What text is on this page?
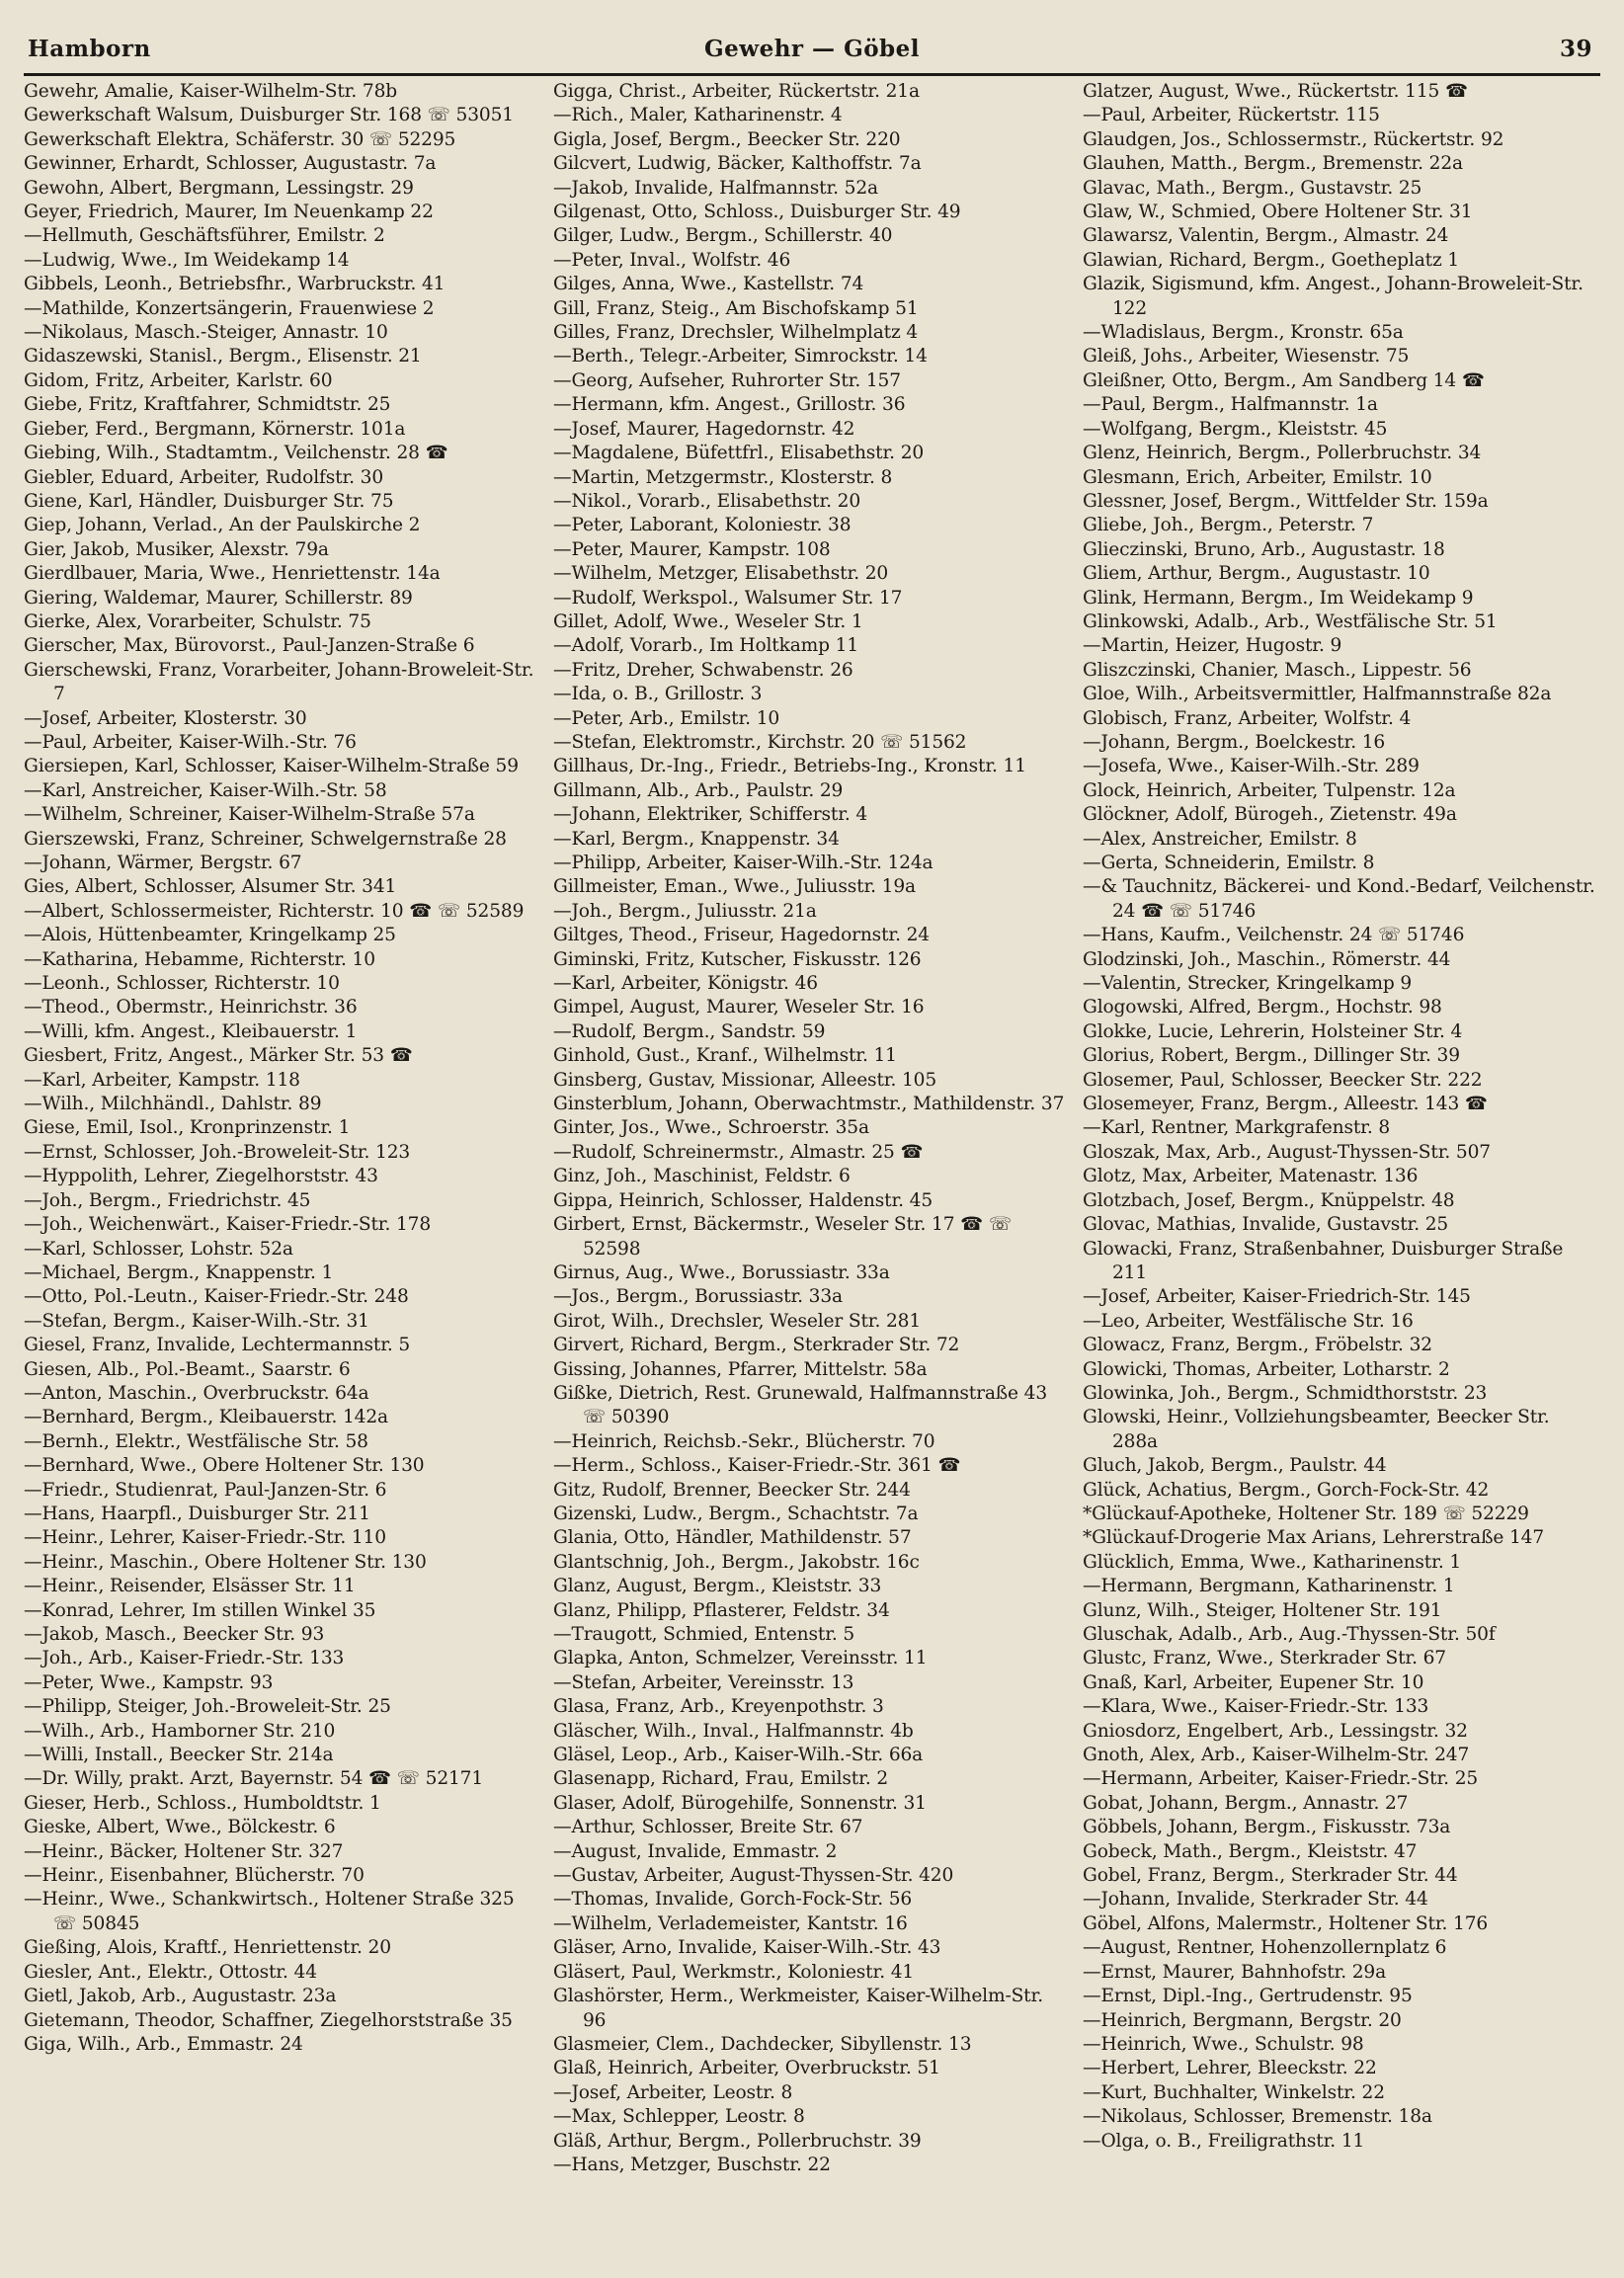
Hamborn	Gewehr — Göbel	39
Gewehr, Amalie, Kaiser-Wilhelm-Str. 78b
Gewerkschaft Walsum, Duisburger Str. 168 ☏ 53051
Gewerkschaft Elektra, Schäferstr. 30 ☏ 52295
Gewinner, Erhardt, Schlosser, Augustastr. 7a
Gewohn, Albert, Bergmann, Lessingstr. 29
Geyer, Friedrich, Maurer, Im Neuenkamp 22
—Hellmuth, Geschäftsführer, Emilstr. 2
—Ludwig, Wwe., Im Weidekamp 14
Gibbels, Leonh., Betriebsfhr., Warbruckstr. 41
—Mathilde, Konzertsängerin, Frauenwiese 2
—Nikolaus, Masch.-Steiger, Annastr. 10
Gidaszewski, Stanisl., Bergm., Elisenstr. 21
Gidom, Fritz, Arbeiter, Karlstr. 60
Giebe, Fritz, Kraftfahrer, Schmidtstr. 25
Gieber, Ferd., Bergmann, Körnerstr. 101a
Giebing, Wilh., Stadtamtm., Veilchenstr. 28 ☎
Giebler, Eduard, Arbeiter, Rudolfstr. 30
Giene, Karl, Händler, Duisburger Str. 75
Giep, Johann, Verlad., An der Paulskirche 2
Gier, Jakob, Musiker, Alexstr. 79a
Gierdlbauer, Maria, Wwe., Henriettenstr. 14a
Giering, Waldemar, Maurer, Schillerstr. 89
Gierke, Alex, Vorarbeiter, Schulstr. 75
Gierscher, Max, Bürovorst., Paul-Janzen-Straße 6
Gierschewski, Franz, Vorarbeiter, Johann-Broweleit-Str. 7
—Josef, Arbeiter, Klosterstr. 30
—Paul, Arbeiter, Kaiser-Wilh.-Str. 76
Giersiepen, Karl, Schlosser, Kaiser-Wilhelm-Straße 59
—Karl, Anstreicher, Kaiser-Wilh.-Str. 58
—Wilhelm, Schreiner, Kaiser-Wilhelm-Straße 57a
Gierszewski, Franz, Schreiner, Schwelgernstraße 28
—Johann, Wärmer, Bergstr. 67
Gies, Albert, Schlosser, Alsumer Str. 341
—Albert, Schlossermeister, Richterstr. 10 ☎ ☏ 52589
—Alois, Hüttenbeamter, Kringelkamp 25
—Katharina, Hebamme, Richterstr. 10
—Leonh., Schlosser, Richterstr. 10
—Theod., Obermstr., Heinrichstr. 36
—Willi, kfm. Angest., Kleibauerstr. 1
Giesbert, Fritz, Angest., Märker Str. 53 ☎
—Karl, Arbeiter, Kampstr. 118
—Wilh., Milchhändl., Dahlstr. 89
Giese, Emil, Isol., Kronprinzenstr. 1
—Ernst, Schlosser, Joh.-Broweleit-Str. 123
—Hyppolith, Lehrer, Ziegelhorststr. 43
—Joh., Bergm., Friedrichstr. 45
—Joh., Weichenwärt., Kaiser-Friedr.-Str. 178
—Karl, Schlosser, Lohstr. 52a
—Michael, Bergm., Knappenstr. 1
—Otto, Pol.-Leutn., Kaiser-Friedr.-Str. 248
—Stefan, Bergm., Kaiser-Wilh.-Str. 31
Giesel, Franz, Invalide, Lechtermannstr. 5
Giesen, Alb., Pol.-Beamt., Saarstr. 6
—Anton, Maschin., Overbruckstr. 64a
—Bernhard, Bergm., Kleibauerstr. 142a
—Bernh., Elektr., Westfälische Str. 58
—Bernhard, Wwe., Obere Holtener Str. 130
—Friedr., Studienrat, Paul-Janzen-Str. 6
—Hans, Haarpfl., Duisburger Str. 211
—Heinr., Lehrer, Kaiser-Friedr.-Str. 110
—Heinr., Maschin., Obere Holtener Str. 130
—Heinr., Reisender, Elsässer Str. 11
—Konrad, Lehrer, Im stillen Winkel 35
—Jakob, Masch., Beecker Str. 93
—Joh., Arb., Kaiser-Friedr.-Str. 133
—Peter, Wwe., Kampstr. 93
—Philipp, Steiger, Joh.-Broweleit-Str. 25
—Wilh., Arb., Hamborner Str. 210
—Willi, Install., Beecker Str. 214a
—Dr. Willy, prakt. Arzt, Bayernstr. 54 ☎ ☏ 52171
Gieser, Herb., Schloss., Humboldtstr. 1
Gieske, Albert, Wwe., Bölckestr. 6
—Heinr., Bäcker, Holtener Str. 327
—Heinr., Eisenbahner, Blücherstr. 70
—Heinr., Wwe., Schankwirtsch., Holtener Straße 325 ☏ 50845
Gießing, Alois, Kraftf., Henriettenstr. 20
Giesler, Ant., Elektr., Ottostr. 44
Gietl, Jakob, Arb., Augustastr. 23a
Gietemann, Theodor, Schaffner, Ziegelhorststraße 35
Giga, Wilh., Arb., Emmastr. 24
Gigga, Christ., Arbeiter, Rückertstr. 21a
—Rich., Maler, Katharinenstr. 4
Gigla, Josef, Bergm., Beecker Str. 220
Gilcvert, Ludwig, Bäcker, Kalthoffstr. 7a
—Jakob, Invalide, Halfmannstr. 52a
Gilgenast, Otto, Schloss., Duisburger Str. 49
Gilger, Ludw., Bergm., Schillerstr. 40
—Peter, Inval., Wolfstr. 46
Gilges, Anna, Wwe., Kastellstr. 74
Gill, Franz, Steig., Am Bischofskamp 51
Gilles, Franz, Drechsler, Wilhelmplatz 4
—Berth., Telegr.-Arbeiter, Simrockstr. 14
—Georg, Aufseher, Ruhrorter Str. 157
—Hermann, kfm. Angest., Grillostr. 36
—Josef, Maurer, Hagedornstr. 42
—Magdalene, Büfettfrl., Elisabethstr. 20
—Martin, Metzgermstr., Klosterstr. 8
—Nikol., Vorarb., Elisabethstr. 20
—Peter, Laborant, Koloniestr. 38
—Peter, Maurer, Kampstr. 108
—Wilhelm, Metzger, Elisabethstr. 20
—Rudolf, Werkspol., Walsumer Str. 17
Gillet, Adolf, Wwe., Weseler Str. 1
—Adolf, Vorarb., Im Holtkamp 11
—Fritz, Dreher, Schwabenstr. 26
—Ida, o. B., Grillostr. 3
—Peter, Arb., Emilstr. 10
—Stefan, Elektromstr., Kirchstr. 20 ☏ 51562
Gillhaus, Dr.-Ing., Friedr., Betriebs-Ing., Kronstr. 11
Gillmann, Alb., Arb., Paulstr. 29
—Johann, Elektriker, Schifferstr. 4
—Karl, Bergm., Knappenstr. 34
—Philipp, Arbeiter, Kaiser-Wilh.-Str. 124a
Gillmeister, Eman., Wwe., Juliusstr. 19a
—Joh., Bergm., Juliusstr. 21a
Giltges, Theod., Friseur, Hagedornstr. 24
Giminski, Fritz, Kutscher, Fiskusstr. 126
—Karl, Arbeiter, Königstr. 46
Gimpel, August, Maurer, Weseler Str. 16
—Rudolf, Bergm., Sandstr. 59
Ginhold, Gust., Kranf., Wilhelmstr. 11
Ginsberg, Gustav, Missionar, Alleestr. 105
Ginsterblum, Johann, Oberwachtmstr., Mathildenstr. 37
Ginter, Jos., Wwe., Schroerstr. 35a
—Rudolf, Schreinermstr., Almastr. 25 ☎
Ginz, Joh., Maschinist, Feldstr. 6
Gippa, Heinrich, Schlosser, Haldenstr. 45
Girbert, Ernst, Bäckermstr., Weseler Str. 17 ☎ ☏ 52598
Girnus, Aug., Wwe., Borussiastr. 33a
—Jos., Bergm., Borussiastr. 33a
Girot, Wilh., Drechsler, Weseler Str. 281
Girvert, Richard, Bergm., Sterkrader Str. 72
Gissing, Johannes, Pfarrer, Mittelstr. 58a
Gißke, Dietrich, Rest. Grunewald, Halfmannstraße 43 ☏ 50390
—Heinrich, Reichsb.-Sekr., Blücherstr. 70
—Herm., Schloss., Kaiser-Friedr.-Str. 361 ☎
Gitz, Rudolf, Brenner, Beecker Str. 244
Gizenski, Ludw., Bergm., Schachtstr. 7a
Glania, Otto, Händler, Mathildenstr. 57
Glantschnig, Joh., Bergm., Jakobstr. 16c
Glanz, August, Bergm., Kleiststr. 33
Glanz, Philipp, Pflasterer, Feldstr. 34
—Traugott, Schmied, Entenstr. 5
Glapka, Anton, Schmelzer, Vereinsstr. 11
—Stefan, Arbeiter, Vereinsstr. 13
Glasa, Franz, Arb., Kreyenpothstr. 3
Gläscher, Wilh., Inval., Halfmannstr. 4b
Gläsel, Leop., Arb., Kaiser-Wilh.-Str. 66a
Glasenapp, Richard, Frau, Emilstr. 2
Glaser, Adolf, Bürogehilfe, Sonnenstr. 31
—Arthur, Schlosser, Breite Str. 67
—August, Invalide, Emmastr. 2
—Gustav, Arbeiter, August-Thyssen-Str. 420
—Thomas, Invalide, Gorch-Fock-Str. 56
—Wilhelm, Verlademeister, Kantstr. 16
Gläser, Arno, Invalide, Kaiser-Wilh.-Str. 43
Gläsert, Paul, Werkmstr., Koloniestr. 41
Glashörster, Herm., Werkmeister, Kaiser-Wilhelm-Str. 96
Glasmeier, Clem., Dachdecker, Sibyllenstr. 13
Glaß, Heinrich, Arbeiter, Overbruckstr. 51
—Josef, Arbeiter, Leostr. 8
—Max, Schlepper, Leostr. 8
Gläß, Arthur, Bergm., Pollerbruchstr. 39
—Hans, Metzger, Buschstr. 22
Glatzer, August, Wwe., Rückertstr. 115 ☎
—Paul, Arbeiter, Rückertstr. 115
Glaudgen, Jos., Schlossermstr., Rückertstr. 92
Glauhen, Matth., Bergm., Bremenstr. 22a
Glavac, Math., Bergm., Gustavstr. 25
Glaw, W., Schmied, Obere Holtener Str. 31
Glawarsz, Valentin, Bergm., Almastr. 24
Glawian, Richard, Bergm., Goetheplatz 1
Glazik, Sigismund, kfm. Angest., Johann-Broweleit-Str. 122
—Wladislaus, Bergm., Kronstr. 65a
Gleiß, Johs., Arbeiter, Wiesenstr. 75
Gleißner, Otto, Bergm., Am Sandberg 14 ☎
—Paul, Bergm., Halfmannstr. 1a
—Wolfgang, Bergm., Kleiststr. 45
Glenz, Heinrich, Bergm., Pollerbruchstr. 34
Glesmann, Erich, Arbeiter, Emilstr. 10
Glessner, Josef, Bergm., Wittfelder Str. 159a
Gliebe, Joh., Bergm., Peterstr. 7
Glieczinski, Bruno, Arb., Augustastr. 18
Gliem, Arthur, Bergm., Augustastr. 10
Glink, Hermann, Bergm., Im Weidekamp 9
Glinkowski, Adalb., Arb., Westfälische Str. 51
—Martin, Heizer, Hugostr. 9
Gliszczinski, Chanier, Masch., Lippestr. 56
Gloe, Wilh., Arbeitsvermittler, Halfmannstraße 82a
Globisch, Franz, Arbeiter, Wolfstr. 4
—Johann, Bergm., Boelckestr. 16
—Josefa, Wwe., Kaiser-Wilh.-Str. 289
Glock, Heinrich, Arbeiter, Tulpenstr. 12a
Glöckner, Adolf, Bürogeh., Zietenstr. 49a
—Alex, Anstreicher, Emilstr. 8
—Gerta, Schneiderin, Emilstr. 8
—& Tauchnitz, Bäckerei- und Kond.-Bedarf, Veilchenstr. 24 ☎ ☏ 51746
—Hans, Kaufm., Veilchenstr. 24 ☏ 51746
Glodzinski, Joh., Maschin., Römerstr. 44
—Valentin, Strecker, Kringelkamp 9
Glogowski, Alfred, Bergm., Hochstr. 98
Glokke, Lucie, Lehrerin, Holsteiner Str. 4
Glorius, Robert, Bergm., Dillinger Str. 39
Glosemer, Paul, Schlosser, Beecker Str. 222
Glosemeyer, Franz, Bergm., Alleestr. 143 ☎
—Karl, Rentner, Markgrafenstr. 8
Gloszak, Max, Arb., August-Thyssen-Str. 507
Glotz, Max, Arbeiter, Matenastr. 136
Glotzbach, Josef, Bergm., Knüppelstr. 48
Glovac, Mathias, Invalide, Gustavstr. 25
Glowacki, Franz, Straßenbahner, Duisburger Straße 211
—Josef, Arbeiter, Kaiser-Friedrich-Str. 145
—Leo, Arbeiter, Westfälische Str. 16
Glowacz, Franz, Bergm., Fröbelstr. 32
Glowicki, Thomas, Arbeiter, Lotharstr. 2
Glowinka, Joh., Bergm., Schmidthorststr. 23
Glowski, Heinr., Vollziehungsbeamter, Beecker Str. 288a
Gluch, Jakob, Bergm., Paulstr. 44
Glück, Achatius, Bergm., Gorch-Fock-Str. 42
*Glückauf-Apotheke, Holtener Str. 189 ☏ 52229
*Glückauf-Drogerie Max Arians, Lehrerstraße 147
Glücklich, Emma, Wwe., Katharinenstr. 1
—Hermann, Bergmann, Katharinenstr. 1
Glunz, Wilh., Steiger, Holtener Str. 191
Gluschak, Adalb., Arb., Aug.-Thyssen-Str. 50f
Glustc, Franz, Wwe., Sterkrader Str. 67
Gnaß, Karl, Arbeiter, Eupener Str. 10
—Klara, Wwe., Kaiser-Friedr.-Str. 133
Gniosdorz, Engelbert, Arb., Lessingstr. 32
Gnoth, Alex, Arb., Kaiser-Wilhelm-Str. 247
—Hermann, Arbeiter, Kaiser-Friedr.-Str. 25
Gobat, Johann, Bergm., Annastr. 27
Göbbels, Johann, Bergm., Fiskusstr. 73a
Gobeck, Math., Bergm., Kleiststr. 47
Gobel, Franz, Bergm., Sterkrader Str. 44
—Johann, Invalide, Sterkrader Str. 44
Göbel, Alfons, Malermstr., Holtener Str. 176
—August, Rentner, Hohenzollernplatz 6
—Ernst, Maurer, Bahnhofstr. 29a
—Ernst, Dipl.-Ing., Gertrudenstr. 95
—Heinrich, Bergmann, Bergstr. 20
—Heinrich, Wwe., Schulstr. 98
—Herbert, Lehrer, Bleeckstr. 22
—Kurt, Buchhalter, Winkelstr. 22
—Nikolaus, Schlosser, Bremenstr. 18a
—Olga, o. B., Freiligrathstr. 11
